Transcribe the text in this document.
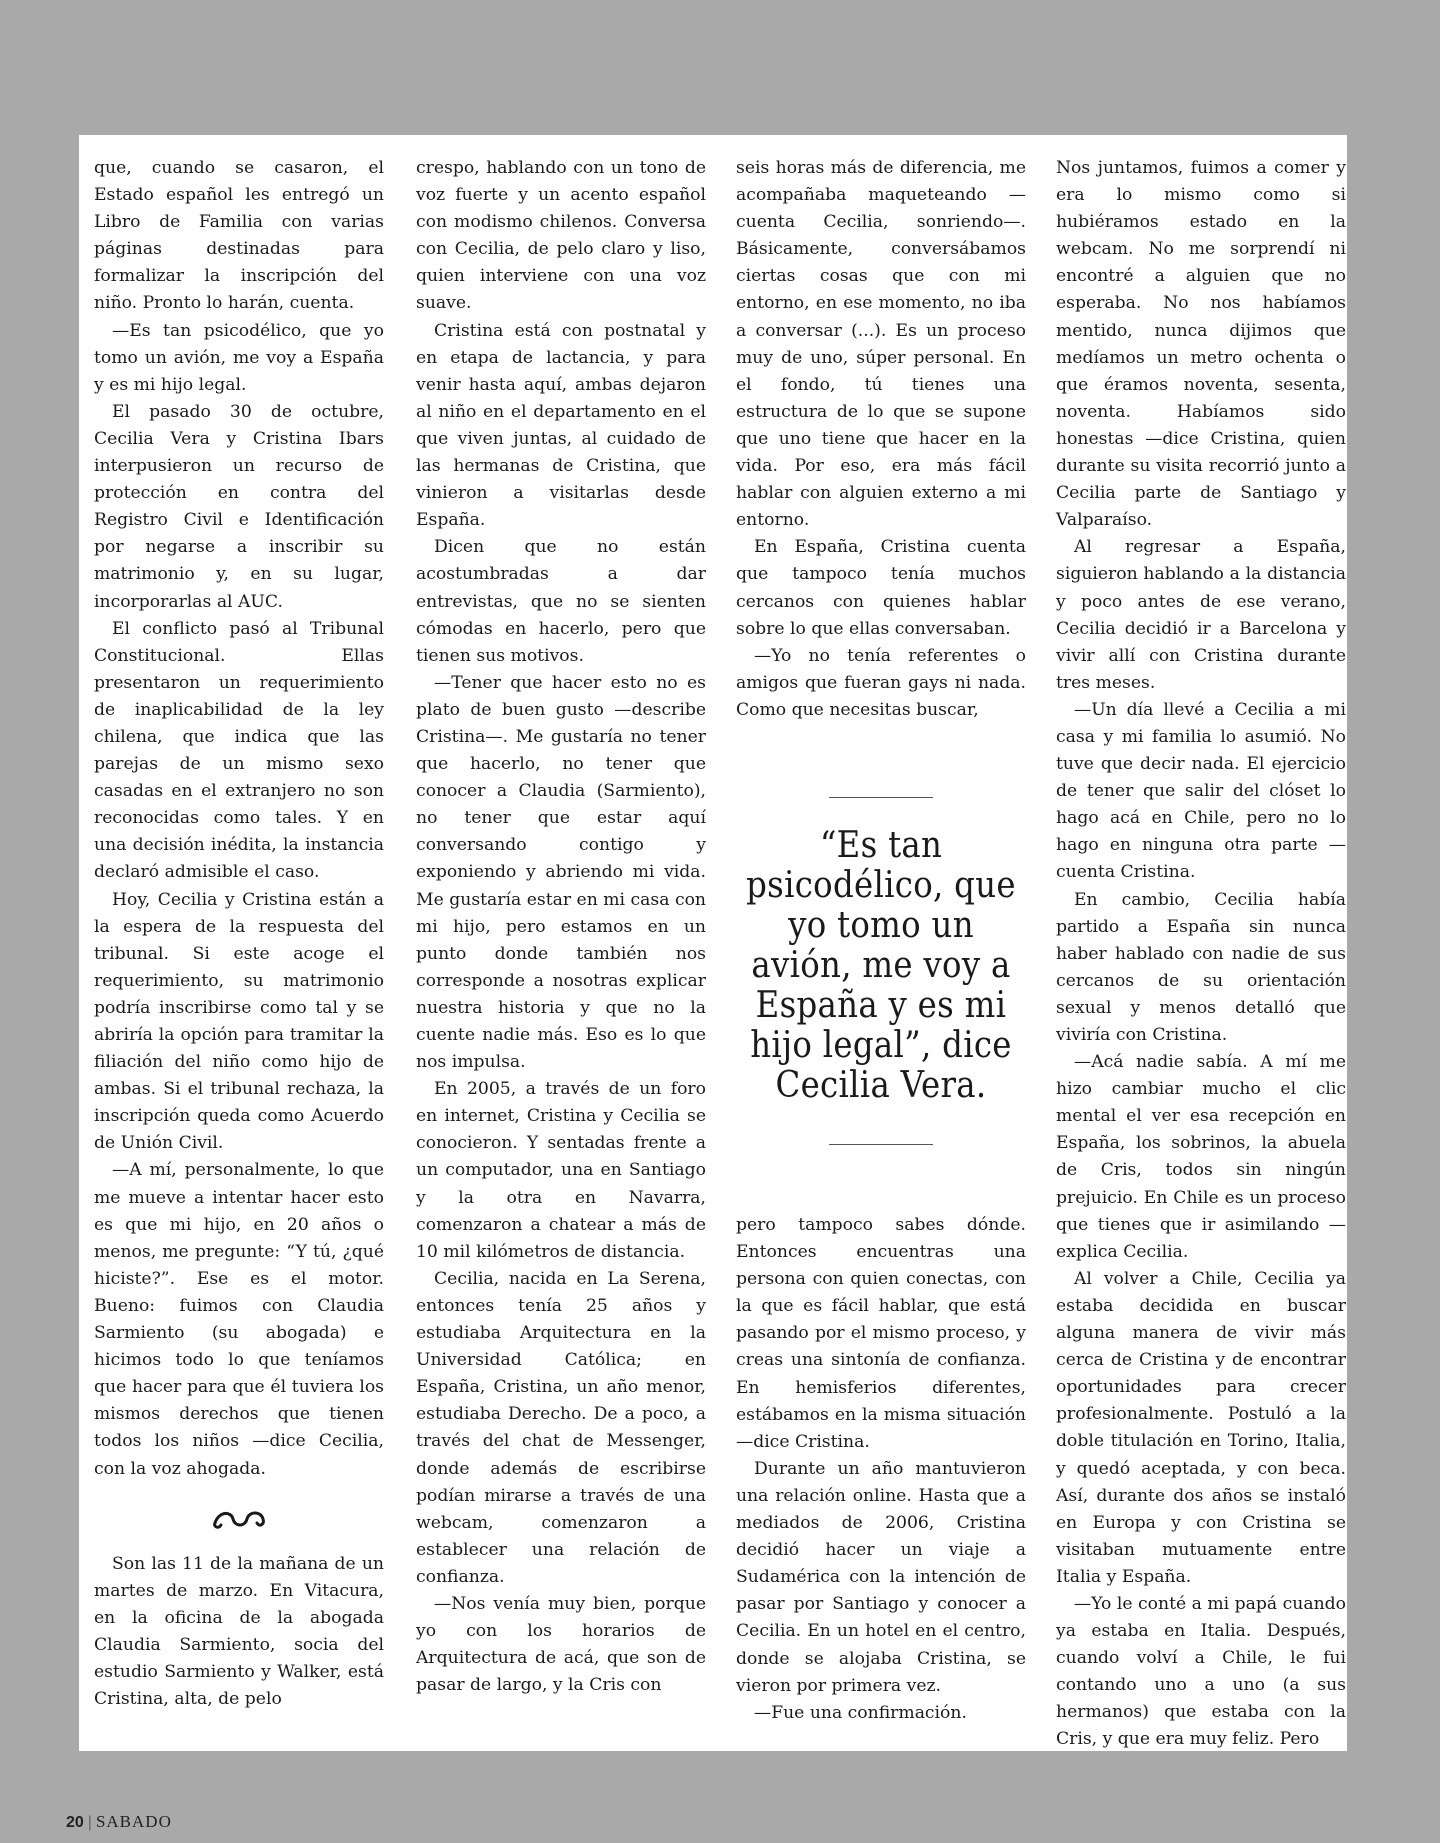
que, cuando se casaron, el Estado español les entregó un Libro de Familia con varias páginas destinadas para formalizar la inscripción del niño. Pronto lo harán, cuenta.

—Es tan psicodélico, que yo tomo un avión, me voy a España y es mi hijo legal.

El pasado 30 de octubre, Cecilia Vera y Cristina Ibars interpusieron un recurso de protección en contra del Registro Civil e Identificación por negarse a inscribir su matrimonio y, en su lugar, incorporarlas al AUC.

El conflicto pasó al Tribunal Constitucional. Ellas presentaron un requerimiento de inaplicabilidad de la ley chilena, que indica que las parejas de un mismo sexo casadas en el extranjero no son reconocidas como tales. Y en una decisión inédita, la instancia declaró admisible el caso.

Hoy, Cecilia y Cristina están a la espera de la respuesta del tribunal. Si este acoge el requerimiento, su matrimonio podría inscribirse como tal y se abriría la opción para tramitar la filiación del niño como hijo de ambas. Si el tribunal rechaza, la inscripción queda como Acuerdo de Unión Civil.

—A mí, personalmente, lo que me mueve a intentar hacer esto es que mi hijo, en 20 años o menos, me pregunte: “Y tú, ¿qué hiciste?”. Ese es el motor. Bueno: fuimos con Claudia Sarmiento (su abogada) e hicimos todo lo que teníamos que hacer para que él tuviera los mismos derechos que tienen todos los niños —dice Cecilia, con la voz ahogada.

Son las 11 de la mañana de un martes de marzo. En Vitacura, en la oficina de la abogada Claudia Sarmiento, socia del estudio Sarmiento y Walker, está Cristina, alta, de pelo

crespo, hablando con un tono de voz fuerte y un acento español con modismo chilenos. Conversa con Cecilia, de pelo claro y liso, quien interviene con una voz suave.

Cristina está con postnatal y en etapa de lactancia, y para venir hasta aquí, ambas dejaron al niño en el departamento en el que viven juntas, al cuidado de las hermanas de Cristina, que vinieron a visitarlas desde España.

Dicen que no están acostumbradas a dar entrevistas, que no se sienten cómodas en hacerlo, pero que tienen sus motivos.

—Tener que hacer esto no es plato de buen gusto —describe Cristina—. Me gustaría no tener que hacerlo, no tener que conocer a Claudia (Sarmiento), no tener que estar aquí conversando contigo y exponiendo y abriendo mi vida. Me gustaría estar en mi casa con mi hijo, pero estamos en un punto donde también nos corresponde a nosotras explicar nuestra historia y que no la cuente nadie más. Eso es lo que nos impulsa.

En 2005, a través de un foro en internet, Cristina y Cecilia se conocieron. Y sentadas frente a un computador, una en Santiago y la otra en Navarra, comenzaron a chatear a más de 10 mil kilómetros de distancia.

Cecilia, nacida en La Serena, entonces tenía 25 años y estudiaba Arquitectura en la Universidad Católica; en España, Cristina, un año menor, estudiaba Derecho. De a poco, a través del chat de Messenger, donde además de escribirse podían mirarse a través de una webcam, comenzaron a establecer una relación de confianza.

—Nos venía muy bien, porque yo con los horarios de Arquitectura de acá, que son de pasar de largo, y la Cris con

seis horas más de diferencia, me acompañaba maqueteando —cuenta Cecilia, sonriendo—. Básicamente, conversábamos ciertas cosas que con mi entorno, en ese momento, no iba a conversar (...). Es un proceso muy de uno, súper personal. En el fondo, tú tienes una estructura de lo que se supone que uno tiene que hacer en la vida. Por eso, era más fácil hablar con alguien externo a mi entorno.

En España, Cristina cuenta que tampoco tenía muchos cercanos con quienes hablar sobre lo que ellas conversaban.

—Yo no tenía referentes o amigos que fueran gays ni nada. Como que necesitas buscar,

“Es tan psicodélico, que yo tomo un avión, me voy a España y es mi hijo legal”, dice Cecilia Vera.

pero tampoco sabes dónde. Entonces encuentras una persona con quien conectas, con la que es fácil hablar, que está pasando por el mismo proceso, y creas una sintonía de confianza. En hemisferios diferentes, estábamos en la misma situación —dice Cristina.

Durante un año mantuvieron una relación online. Hasta que a mediados de 2006, Cristina decidió hacer un viaje a Sudamérica con la intención de pasar por Santiago y conocer a Cecilia. En un hotel en el centro, donde se alojaba Cristina, se vieron por primera vez.

—Fue una confirmación.

Nos juntamos, fuimos a comer y era lo mismo como si hubiéramos estado en la webcam. No me sorprendí ni encontré a alguien que no esperaba. No nos habíamos mentido, nunca dijimos que medíamos un metro ochenta o que éramos noventa, sesenta, noventa. Habíamos sido honestas —dice Cristina, quien durante su visita recorrió junto a Cecilia parte de Santiago y Valparaíso.

Al regresar a España, siguieron hablando a la distancia y poco antes de ese verano, Cecilia decidió ir a Barcelona y vivir allí con Cristina durante tres meses.

—Un día llevé a Cecilia a mi casa y mi familia lo asumió. No tuve que decir nada. El ejercicio de tener que salir del clóset lo hago acá en Chile, pero no lo hago en ninguna otra parte —cuenta Cristina.

En cambio, Cecilia había partido a España sin nunca haber hablado con nadie de sus cercanos de su orientación sexual y menos detalló que viviría con Cristina.

—Acá nadie sabía. A mí me hizo cambiar mucho el clic mental el ver esa recepción en España, los sobrinos, la abuela de Cris, todos sin ningún prejuicio. En Chile es un proceso que tienes que ir asimilando —explica Cecilia.

Al volver a Chile, Cecilia ya estaba decidida en buscar alguna manera de vivir más cerca de Cristina y de encontrar oportunidades para crecer profesionalmente. Postuló a la doble titulación en Torino, Italia, y quedó aceptada, y con beca. Así, durante dos años se instaló en Europa y con Cristina se visitaban mutuamente entre Italia y España.

—Yo le conté a mi papá cuando ya estaba en Italia. Después, cuando volví a Chile, le fui contando uno a uno (a sus hermanos) que estaba con la Cris, y que era muy feliz. Pero

20 | SABADO
